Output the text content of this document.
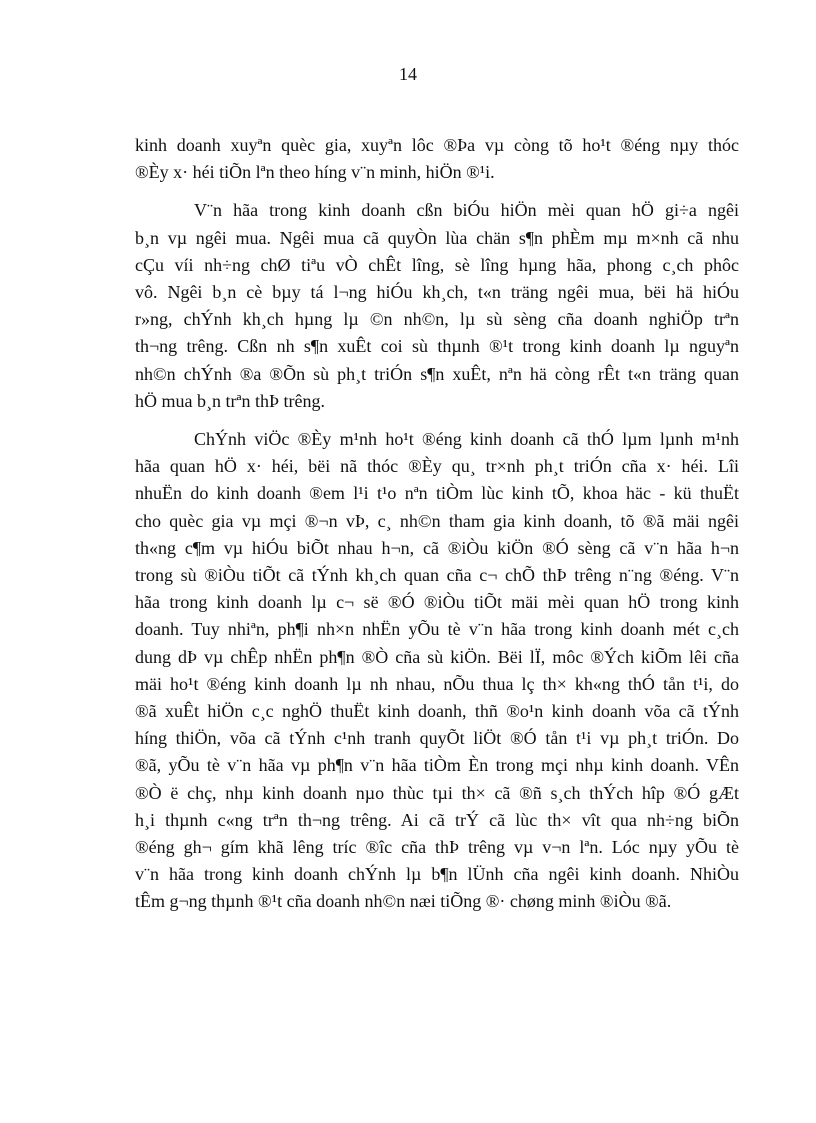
14

kinh doanh xuyªn quèc gia, xuyªn lôc ®Þa vµ còng tõ ho¹t ®éng nµy thóc
®Èy x· héi tiÕn lªn theo híng v¨n minh, hiÖn ®¹i.

V¨n hãa trong kinh doanh cßn biÓu hiÖn mèi quan hÖ gi÷a ngêi
b¸n vµ ngêi mua. Ngêi mua cã quyÒn lùa chän s¶n phÈm mµ m×nh cã nhu
cÇu víi nh÷ng chØ tiªu vÒ chÊt lîng, sè lîng hµng hãa, phong c¸ch phôc
vô. Ngêi b¸n cè bµy tá l¬ng hiÓu kh¸ch, t«n träng ngêi mua, bëi hä hiÓu
r»ng, chÝnh kh¸ch hµng lµ ©n nh©n, lµ sù sèng cña doanh nghiÖp trªn
th¬ng trêng. Cßn nh s¶n xuÊt coi sù thµnh ®¹t trong kinh doanh lµ nguyªn
nh©n chÝnh ®a ®Õn sù ph¸t triÓn s¶n xuÊt, nªn hä còng rÊt t«n träng quan
hÖ mua b¸n trªn thÞ trêng.

ChÝnh viÖc ®Èy m¹nh ho¹t ®éng kinh doanh cã thÓ lµm lµnh m¹nh
hãa quan hÖ x· héi, bëi nã thóc ®Èy qu¸ tr×nh ph¸t triÓn cña x· héi. Lîi
nhuËn do kinh doanh ®em l¹i t¹o nªn tiÒm lùc kinh tÕ, khoa häc - kü thuËt
cho quèc gia vµ mçi ®¬n vÞ, c¸ nh©n tham gia kinh doanh, tõ ®ã mäi ngêi
th«ng c¶m vµ hiÓu biÕt nhau h¬n, cã ®iÒu kiÖn ®Ó sèng cã v¨n hãa h¬n
trong sù ®iÒu tiÕt cã tÝnh kh¸ch quan cña c¬ chÕ thÞ trêng n¨ng ®éng. V¨n
hãa trong kinh doanh lµ c¬ së ®Ó ®iÒu tiÕt mäi mèi quan hÖ trong kinh
doanh. Tuy nhiªn, ph¶i nh×n nhËn yÕu tè v¨n hãa trong kinh doanh mét c¸ch
dung dÞ vµ chÊp nhËn ph¶n ®Ò cña sù kiÖn. Bëi lÏ, môc ®Ých kiÕm lêi cña
mäi ho¹t ®éng kinh doanh lµ nh nhau, nÕu thua lç th× kh«ng thÓ tån t¹i, do
®ã xuÊt hiÖn c¸c nghÖ thuËt kinh doanh, thñ ®o¹n kinh doanh võa cã tÝnh
híng thiÖn, võa cã tÝnh c¹nh tranh quyÕt liÖt ®Ó tån t¹i vµ ph¸t triÓn. Do
®ã, yÕu tè v¨n hãa vµ ph¶n v¨n hãa tiÒm Èn trong mçi nhµ kinh doanh. VÊn
®Ò ë chç, nhµ kinh doanh nµo thùc tµi th× cã ®ñ s¸ch thÝch hîp ®Ó gÆt
h¸i thµnh c«ng trªn th¬ng trêng. Ai cã trÝ cã lùc th× vît qua nh÷ng biÕn
®éng gh¬ gím khã lêng tríc ®îc cña thÞ trêng vµ v¬n lªn. Lóc nµy yÕu tè
v¨n hãa trong kinh doanh chÝnh lµ b¶n lÜnh cña ngêi kinh doanh. NhiÒu
tÊm g¬ng thµnh ®¹t cña doanh nh©n næi tiÕng ®· chøng minh ®iÒu ®ã.
